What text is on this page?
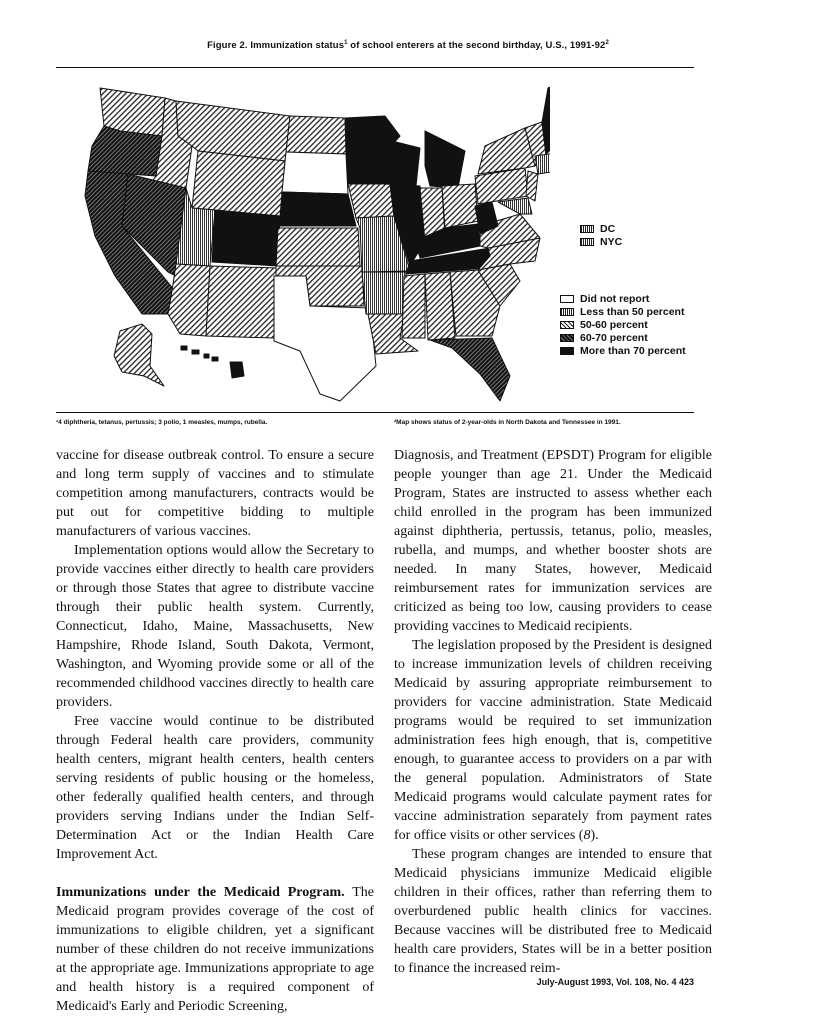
Figure 2. Immunization status$^1$ of school enterers at the second birthday, U.S., $1991-92^2$
DC
NYC
Did not report
Less than 50 percent
50-60 percent
60-70 percent
More than 70 percent
¹4 diphtheria, tetanus, pertussis; 3 polio, 1 measles, mumps, rubella.	²Map shows status of 2-year-olds in North Dakota and Tennessee in 1991.

vaccine for disease outbreak control. To ensure a secure and long term supply of vaccines and to stimulate competition among manufacturers, contracts would be put out for competitive bidding to multiple manufacturers of various vaccines.

Implementation options would allow the Secretary to provide vaccines either directly to health care providers or through those States that agree to distribute vaccine through their public health system. Currently, Connecticut, Idaho, Maine, Massachusetts, New Hampshire, Rhode Island, South Dakota, Vermont, Washington, and Wyoming provide some or all of the recommended childhood vaccines directly to health care providers.

Free vaccine would continue to be distributed through Federal health care providers, community health centers, migrant health centers, health centers serving residents of public housing or the homeless, other federally qualified health centers, and through providers serving Indians under the Indian Self-Determination Act or the Indian Health Care Improvement Act.

Immunizations under the Medicaid Program. The Medicaid program provides coverage of the cost of immunizations to eligible children, yet a significant number of these children do not receive immunizations at the appropriate age. Immunizations appropriate to age and health history is a required component of Medicaid's Early and Periodic Screening,

Diagnosis, and Treatment (EPSDT) Program for eligible people younger than age 21. Under the Medicaid Program, States are instructed to assess whether each child enrolled in the program has been immunized against diphtheria, pertussis, tetanus, polio, measles, rubella, and mumps, and whether booster shots are needed. In many States, however, Medicaid reimbursement rates for immunization services are criticized as being too low, causing providers to cease providing vaccines to Medicaid recipients.

The legislation proposed by the President is designed to increase immunization levels of children receiving Medicaid by assuring appropriate reimbursement to providers for vaccine administration. State Medicaid programs would be required to set immunization administration fees high enough, that is, competitive enough, to guarantee access to providers on a par with the general population. Administrators of State Medicaid programs would calculate payment rates for vaccine administration separately from payment rates for office visits or other services (8).

These program changes are intended to ensure that Medicaid physicians immunize Medicaid eligible children in their offices, rather than referring them to overburdened public health clinics for vaccines. Because vaccines will be distributed free to Medicaid health care providers, States will be in a better position to finance the increased reim-

July-August 1993, Vol. 108, No. 4 423
